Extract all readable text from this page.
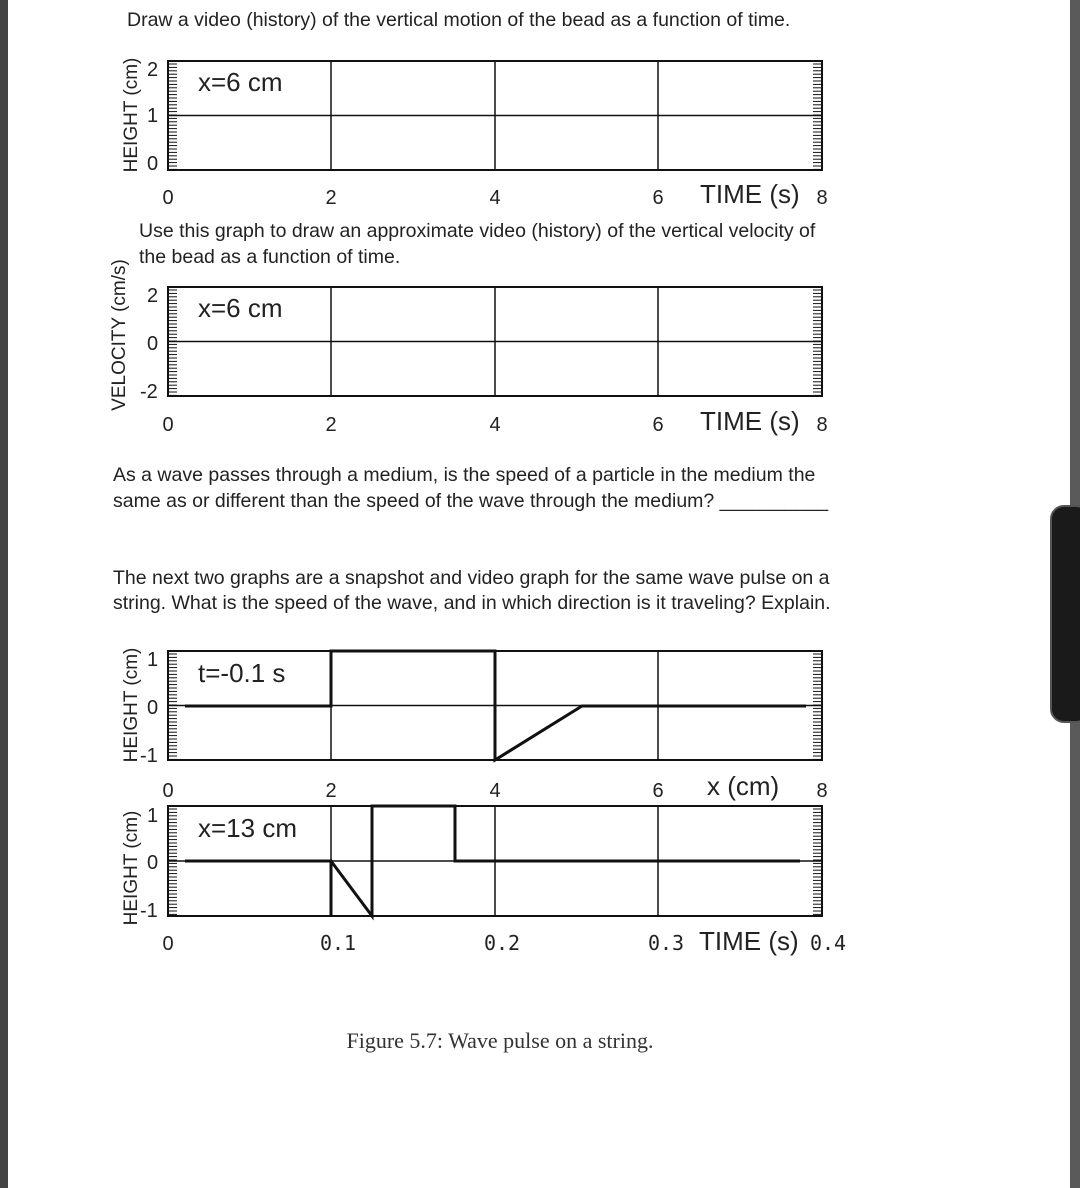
Draw a video (history) of the vertical motion of the bead as a function of time.
Use this graph to draw an approximate video (history) of the vertical velocity of
the bead as a function of time.
As a wave passes through a medium, is the speed of a particle in the medium the
same as or different than the speed of the wave through the medium? __________
The next two graphs are a snapshot and video graph for the same wave pulse on a
string. What is the speed of the wave, and in which direction is it traveling? Explain.
Figure 5.7: Wave pulse on a string.
HEIGHT (cm) 2
1
0
x=6 cm
0	2	4	6 TIME (s) 8
VELOCITY (cm/s) 2
0
-2
x=6 cm
0	2	4	6 TIME (s) 8
HEIGHT (cm) 1
0
-1
t=-0.1 s
0	2	4	6 x (cm) 8
HEIGHT (cm) 1
0
-1
x=13 cm
0	0.1	0.2	0.3 TIME (s) 0.4
